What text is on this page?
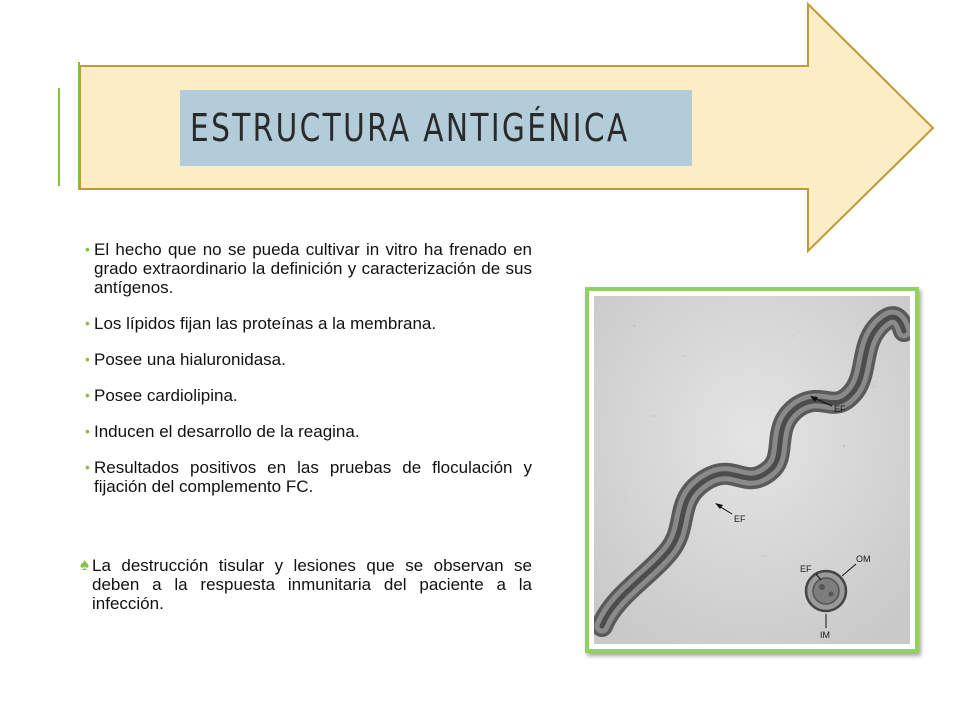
ESTRUCTURA ANTIGÉNICA
• El hecho que no se pueda cultivar in vitro ha frenado en grado extraordinario la definición y caracterización de sus antígenos.
• Los lípidos fijan las proteínas a la membrana.
• Posee una hialuronidasa.
• Posee cardiolipina.
• Inducen el desarrollo de la reagina.
• Resultados positivos en las pruebas de floculación y fijación del complemento FC.
♠ La destrucción tisular y lesiones que se observan se deben a la respuesta inmunitaria del paciente a la infección.
EF
EF
OM
EF
IM
